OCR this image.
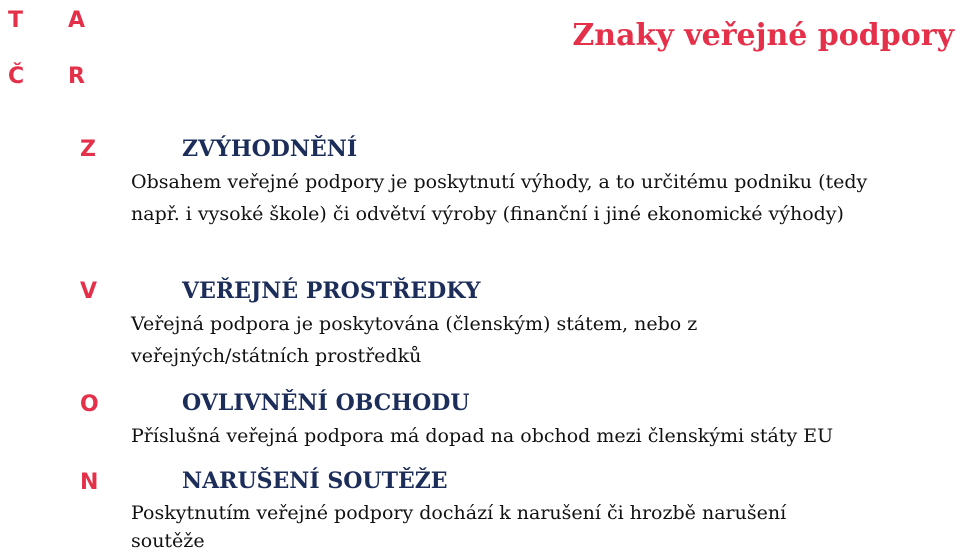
T A
Č R
Znaky veřejné podpory
Z	ZVÝHODNĚNÍ

Obsahem veřejné podpory je poskytnutí výhody, a to určitému podniku (tedy např. i vysoké škole) či odvětví výroby (finanční i jiné ekonomické výhody)

V	VEŘEJNÉ PROSTŘEDKY

Veřejná podpora je poskytována (členským) státem, nebo z veřejných/státních prostředků

O	OVLIVNĚNÍ OBCHODU

Příslušná veřejná podpora má dopad na obchod mezi členskými státy EU

N	NARUŠENÍ SOUTĚŽE

Poskytnutím veřejné podpory dochází k narušení či hrozbě narušení soutěže
